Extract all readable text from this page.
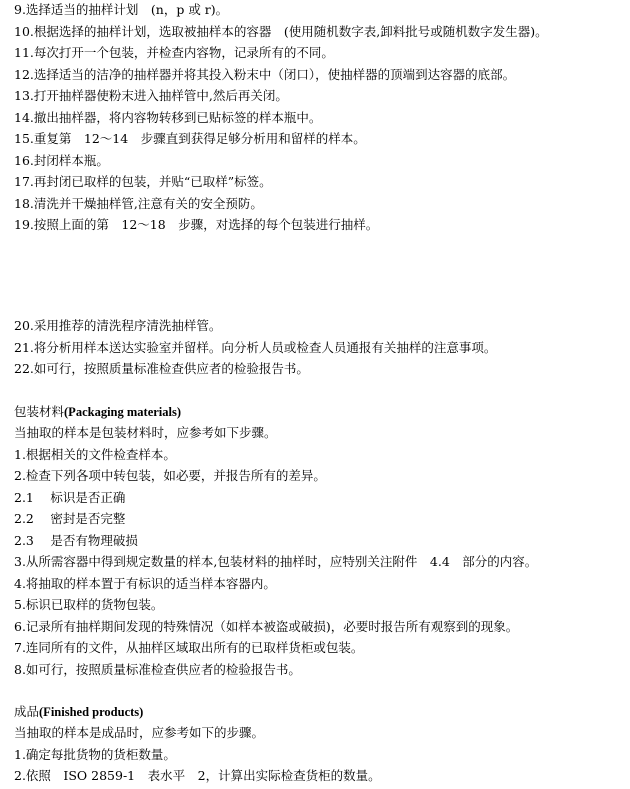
9.选择适当的抽样计划　(n，p 或 r)。
10.根据选择的抽样计划，选取被抽样本的容器　(使用随机数字表,卸料批号或随机数字发生器)。
11.每次打开一个包装，并检查内容物，记录所有的不同。
12.选择适当的洁净的抽样器并将其投入粉末中（闭口），使抽样器的顶端到达容器的底部。
13.打开抽样器使粉末进入抽样管中,然后再关闭。
14.撤出抽样器，将内容物转移到已贴标签的样本瓶中。
15.重复第　12～14　步骤直到获得足够分析用和留样的样本。
16.封闭样本瓶。
17.再封闭已取样的包装，并贴“已取样”标签。
18.清洗并干燥抽样管,注意有关的安全预防。
19.按照上面的第　12～18　步骤，对选择的每个包装进行抽样。
20.采用推荐的清洗程序清洗抽样管。
21.将分析用样本送达实验室并留样。向分析人员或检查人员通报有关抽样的注意事项。
22.如可行，按照质量标准检查供应者的检验报告书。
包装材料(Packaging materials)
当抽取的样本是包装材料时，应参考如下步骤。
1.根据相关的文件检查样本。
2.检查下列各项中转包装，如必要，并报告所有的差异。
2.1　 标识是否正确
2.2　 密封是否完整
2.3　 是否有物理破损
3.从所需容器中得到规定数量的样本,包装材料的抽样时，应特别关注附件　4.4　部分的内容。
4.将抽取的样本置于有标识的适当样本容器内。
5.标识已取样的货物包装。
6.记录所有抽样期间发现的特殊情况（如样本被盗或破损)，必要时报告所有观察到的现象。
7.连同所有的文件，从抽样区域取出所有的已取样货柜或包装。
8.如可行，按照质量标准检查供应者的检验报告书。
成品(Finished products)
当抽取的样本是成品时，应参考如下的步骤。
1.确定每批货物的货柜数量。
2.依照　ISO 2859-1　表水平　2，计算出实际检查货柜的数量。
